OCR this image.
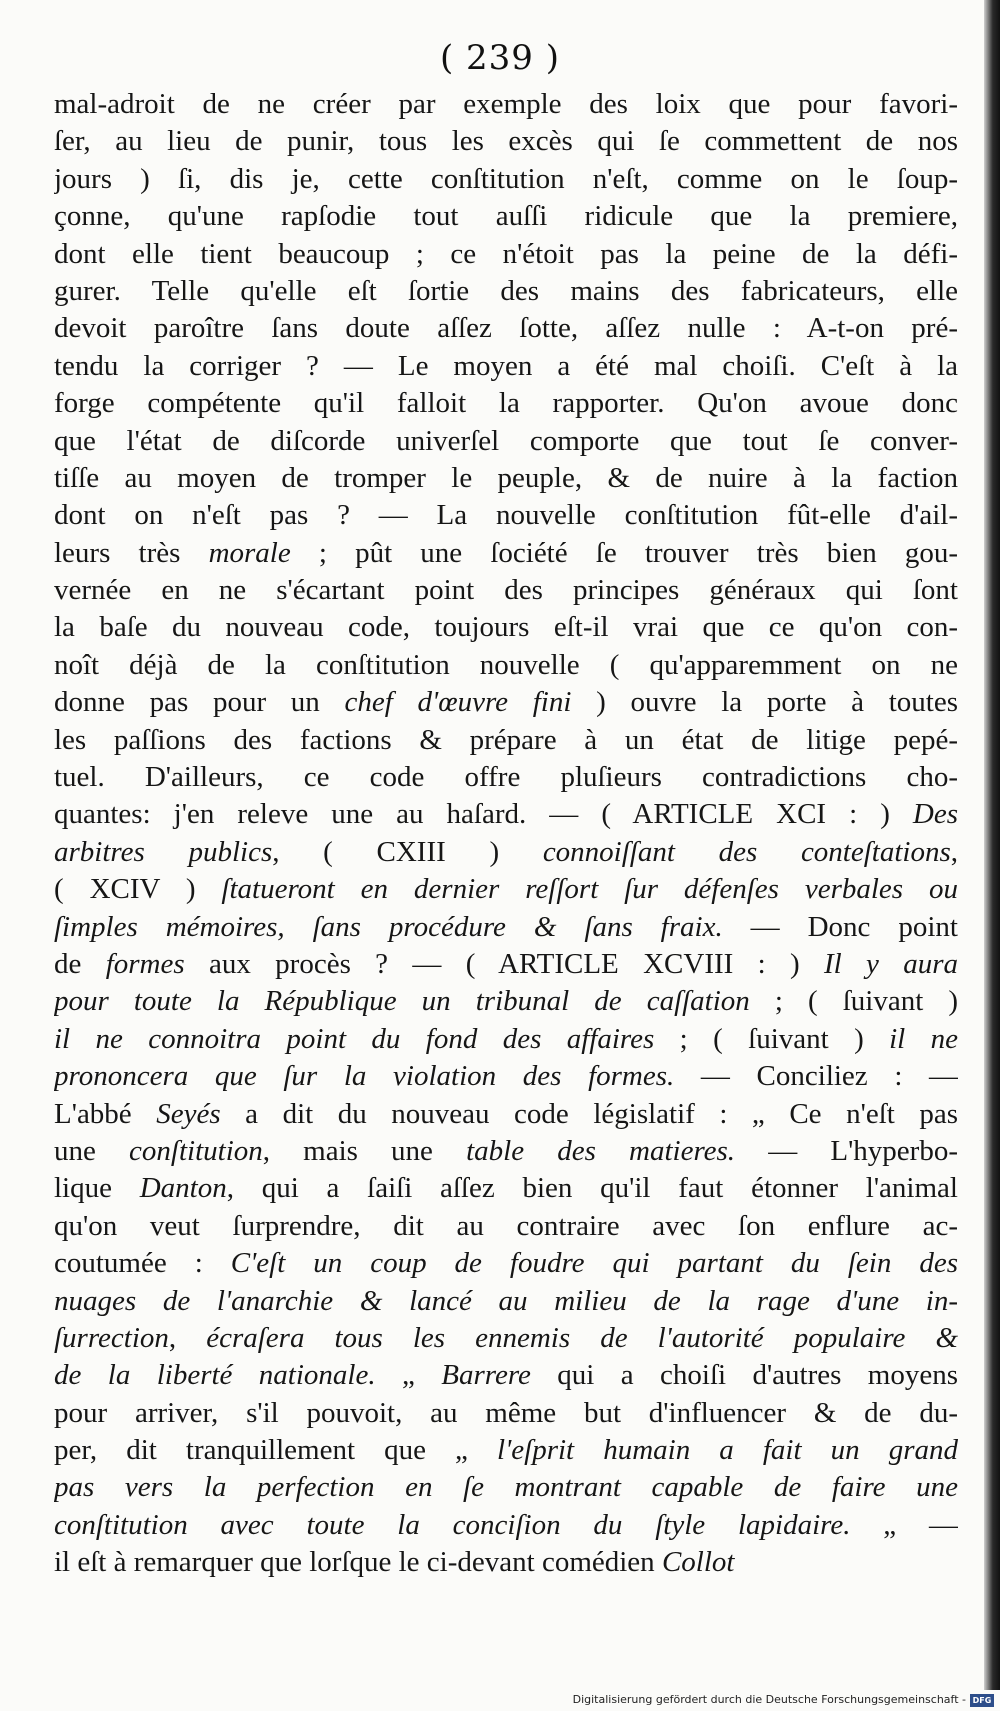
( 239 )
mal-adroit de ne créer par exemple des loix que pour favori-
ſer, au lieu de punir, tous les excès qui ſe commettent de nos
jours ) ſi, dis je, cette conſtitution n'eſt, comme on le ſoup-
çonne, qu'une rapſodie tout auſſi ridicule que la premiere,
dont elle tient beaucoup ; ce n'étoit pas la peine de la défi-
gurer. Telle qu'elle eſt ſortie des mains des fabricateurs, elle
devoit paroître ſans doute aſſez ſotte, aſſez nulle : A-t-on pré-
tendu la corriger ? — Le moyen a été mal choiſi. C'eſt à la
forge compétente qu'il falloit la rapporter. Qu'on avoue donc
que l'état de diſcorde univerſel comporte que tout ſe conver-
tiſſe au moyen de tromper le peuple, & de nuire à la faction
dont on n'eſt pas ? — La nouvelle conſtitution fût-elle d'ail-
leurs très morale ; pût une ſociété ſe trouver très bien gou-
vernée en ne s'écartant point des principes généraux qui ſont
la baſe du nouveau code, toujours eſt-il vrai que ce qu'on con-
noît déjà de la conſtitution nouvelle ( qu'apparemment on ne
donne pas pour un chef d'œuvre fini ) ouvre la porte à toutes
les paſſions des factions & prépare à un état de litige pepé-
tuel. D'ailleurs, ce code offre pluſieurs contradictions cho-
quantes: j'en releve une au haſard. — ( ARTICLE XCI : ) Des
arbitres publics, ( CXIII ) connoiſſant des conteſtations,
( XCIV ) ſtatueront en dernier reſſort ſur défenſes verbales ou
ſimples mémoires, ſans procédure & ſans fraix. — Donc point
de formes aux procès ? — ( ARTICLE XCVIII : ) Il y aura
pour toute la République un tribunal de caſſation ; ( ſuivant )
il ne connoitra point du fond des affaires ; ( ſuivant ) il ne
prononcera que ſur la violation des formes. — Conciliez : —
L'abbé Seyés a dit du nouveau code législatif : „ Ce n'eſt pas
une conſtitution, mais une table des matieres. — L'hyperbo-
lique Danton, qui a ſaiſi aſſez bien qu'il faut étonner l'animal
qu'on veut ſurprendre, dit au contraire avec ſon enflure ac-
coutumée : C'eſt un coup de foudre qui partant du ſein des
nuages de l'anarchie & lancé au milieu de la rage d'une in-
ſurrection, écraſera tous les ennemis de l'autorité populaire &
de la liberté nationale. „ Barrere qui a choiſi d'autres moyens
pour arriver, s'il pouvoit, au même but d'influencer & de du-
per, dit tranquillement que „ l'eſprit humain a fait un grand
pas vers la perfection en ſe montrant capable de faire une
conſtitution avec toute la conciſion du ſtyle lapidaire. „ —
il eſt à remarquer que lorſque le ci-devant comédien Collot
Digitalisierung gefördert durch die Deutsche Forschungsgemeinschaft - DFG
